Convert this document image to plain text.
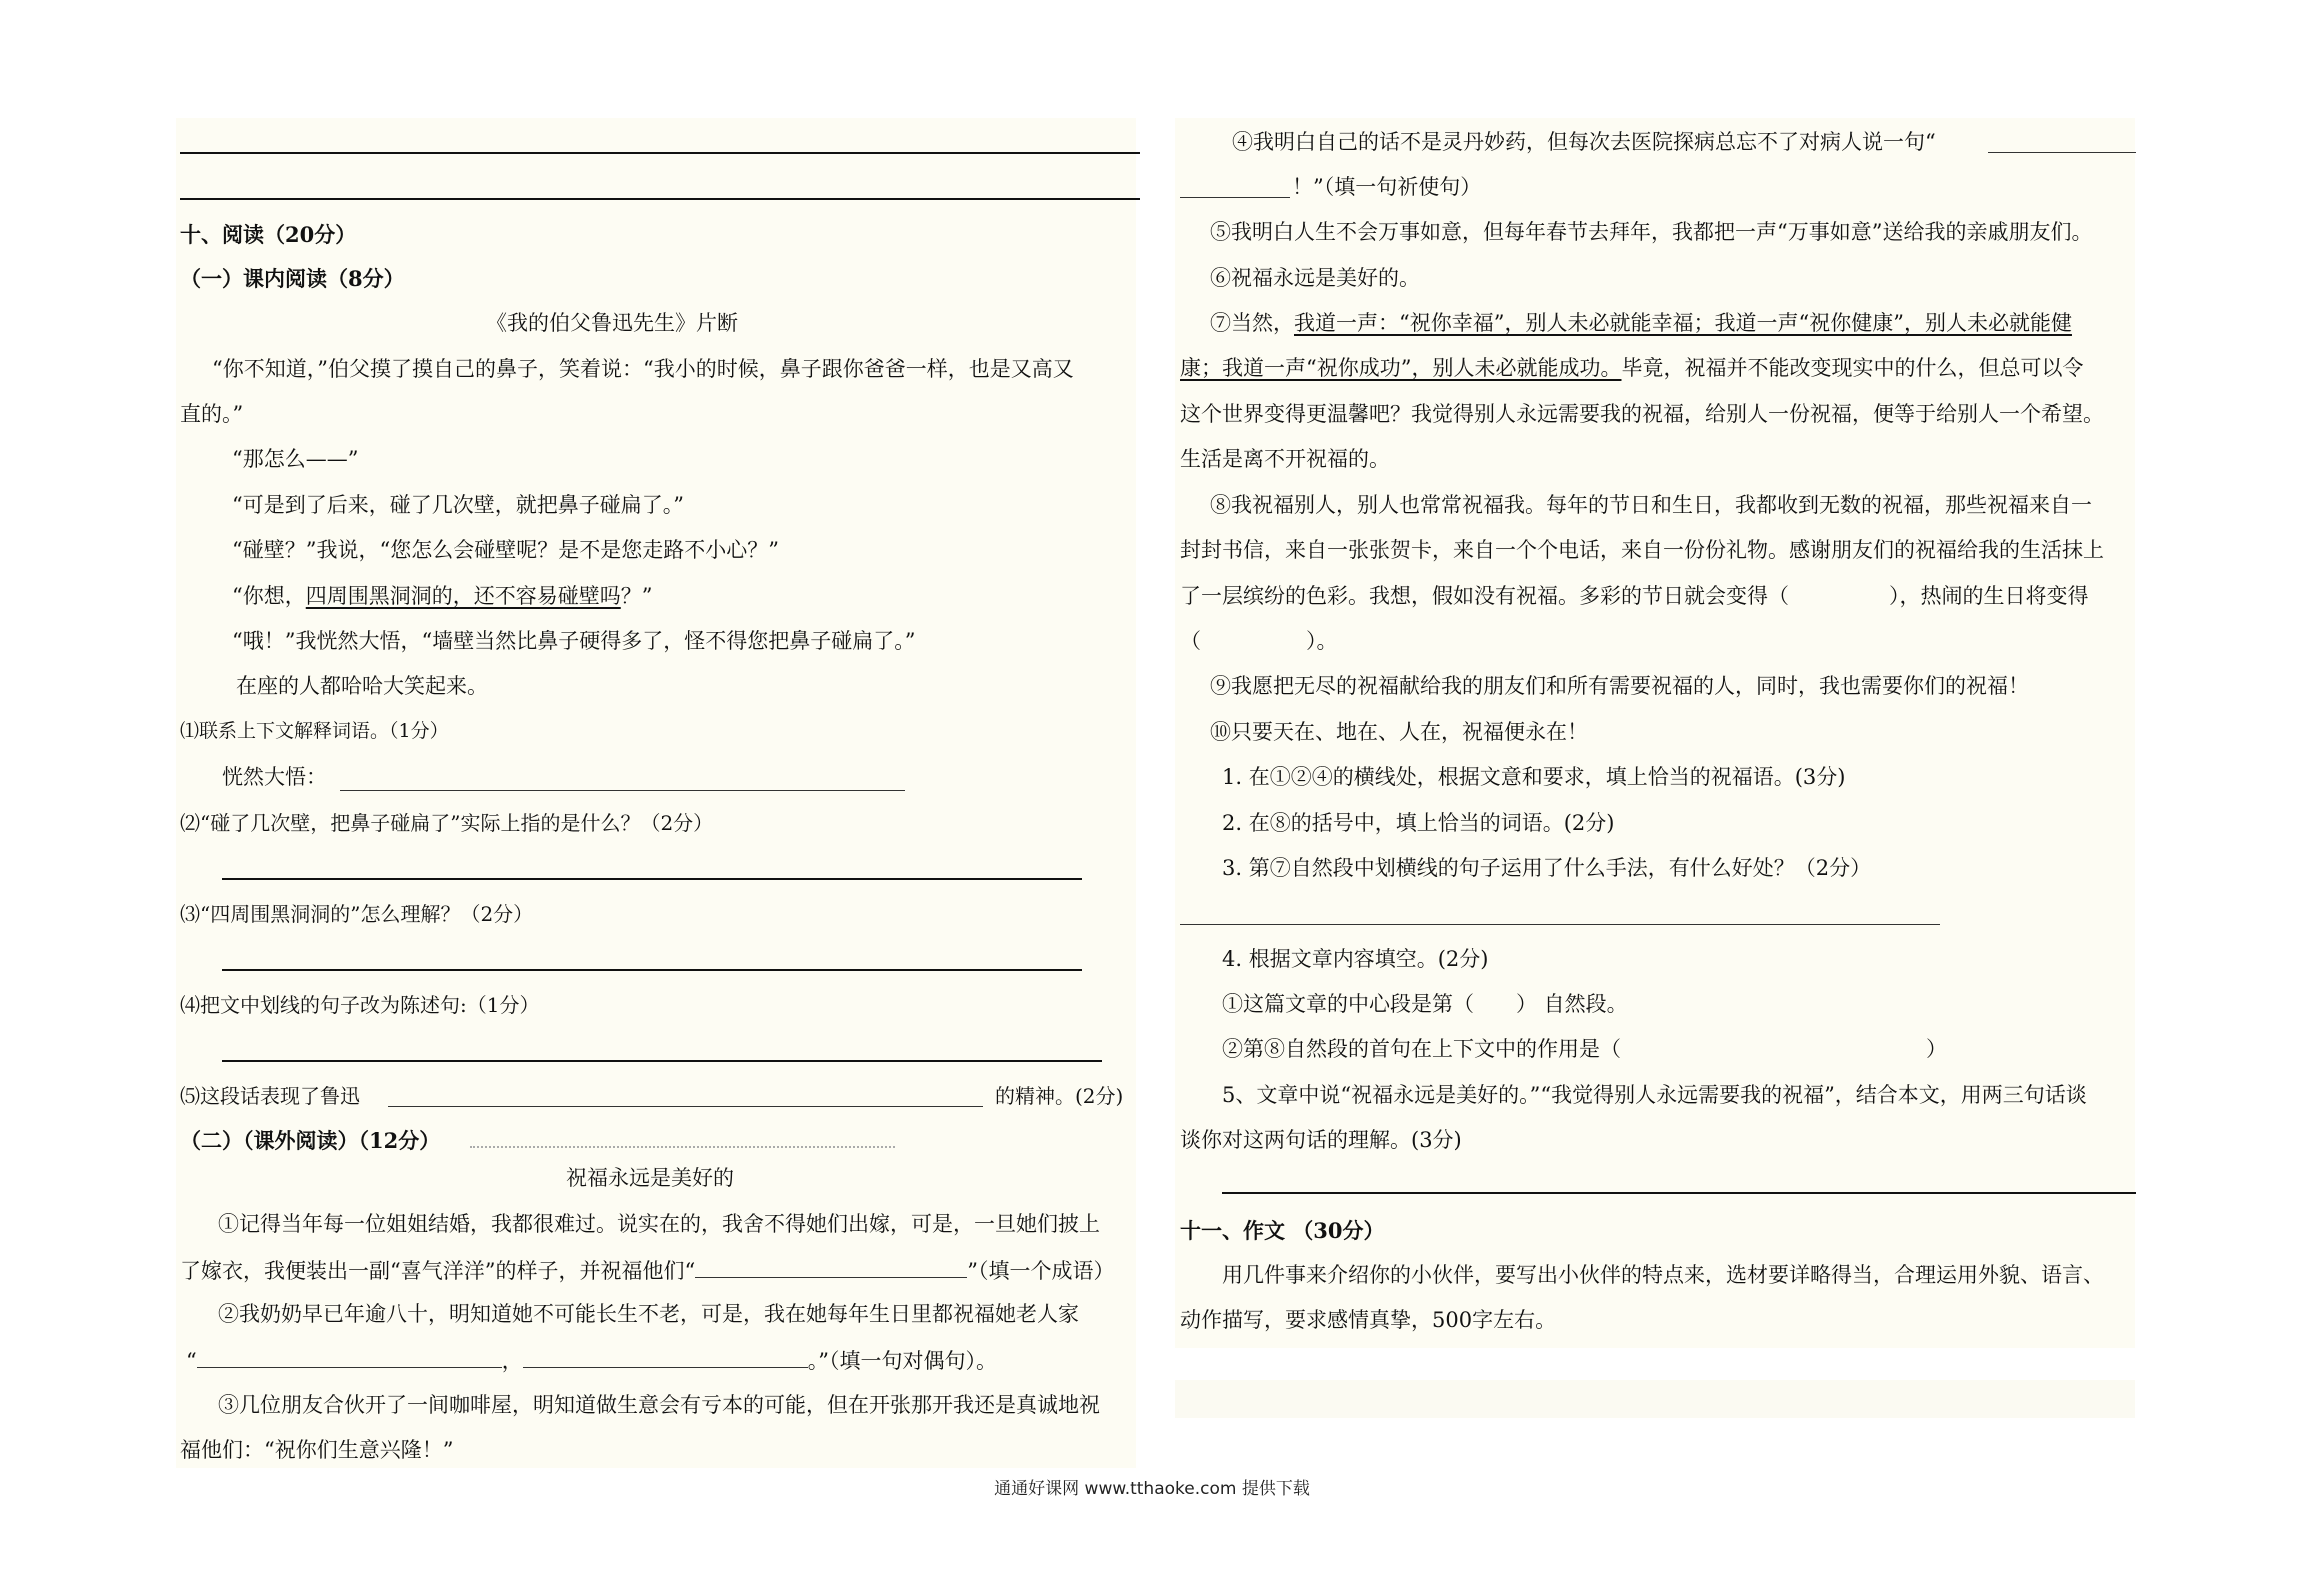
十、阅读（20分）
（一）课内阅读（8分）
《我的伯父鲁迅先生》片断
“你不知道，”伯父摸了摸自己的鼻子，笑着说：“我小的时候，鼻子跟你爸爸一样，也是又高又
直的。”
“那怎么——”
“可是到了后来，碰了几次壁，就把鼻子碰扁了。”
“碰壁？”我说，“您怎么会碰壁呢？是不是您走路不小心？”
“你想，四周围黑洞洞的，还不容易碰壁吗？”
“哦！”我恍然大悟，“墙壁当然比鼻子硬得多了，怪不得您把鼻子碰扁了。”
在座的人都哈哈大笑起来。
⑴联系上下文解释词语。（1分）
恍然大悟：
⑵“碰了几次壁，把鼻子碰扁了”实际上指的是什么？（2分）
⑶“四周围黑洞洞的”怎么理解？（2分）
⑷把文中划线的句子改为陈述句:（1分）
⑸这段话表现了鲁迅	的精神。(2分)
（二）（课外阅读）（12分）
祝福永远是美好的
①记得当年每一位姐姐结婚，我都很难过。说实在的，我舍不得她们出嫁，可是，一旦她们披上
了嫁衣，我便装出一副“喜气洋洋”的样子，并祝福他们“	”（填一个成语）
②我奶奶早已年逾八十，明知道她不可能长生不老，可是，我在她每年生日里都祝福她老人家
“	，	。”（填一句对偶句）。
③几位朋友合伙开了一间咖啡屋，明知道做生意会有亏本的可能，但在开张那开我还是真诚地祝
福他们：“祝你们生意兴隆！”
④我明白自己的话不是灵丹妙药，但每次去医院探病总忘不了对病人说一句“
！”（填一句祈使句）
⑤我明白人生不会万事如意，但每年春节去拜年，我都把一声“万事如意”送给我的亲戚朋友们。
⑥祝福永远是美好的。
⑦当然，我道一声：“祝你幸福”，别人未必就能幸福；我道一声“祝你健康”，别人未必就能健
康；我道一声“祝你成功”，别人未必就能成功。毕竟，祝福并不能改变现实中的什么，但总可以令
这个世界变得更温馨吧？我觉得别人永远需要我的祝福，给别人一份祝福，便等于给别人一个希望。
生活是离不开祝福的。
⑧我祝福别人，别人也常常祝福我。每年的节日和生日，我都收到无数的祝福，那些祝福来自一
封封书信，来自一张张贺卡，来自一个个电话，来自一份份礼物。感谢朋友们的祝福给我的生活抹上
了一层缤纷的色彩。我想，假如没有祝福。多彩的节日就会变得（	），热闹的生日将变得
（　　　　　）。
⑨我愿把无尽的祝福献给我的朋友们和所有需要祝福的人，同时，我也需要你们的祝福！
⑩只要天在、地在、人在，祝福便永在！
1. 在①②④的横线处，根据文意和要求，填上恰当的祝福语。(3分)
2. 在⑧的括号中，填上恰当的词语。(2分)
3. 第⑦自然段中划横线的句子运用了什么手法，有什么好处？（2分）
4. 根据文章内容填空。(2分)
①这篇文章的中心段是第（　　） 自然段。
②第⑧自然段的首句在上下文中的作用是（	）
5、文章中说“祝福永远是美好的。”“我觉得别人永远需要我的祝福”，结合本文，用两三句话谈
谈你对这两句话的理解。(3分)
十一、作文 （30分）
用几件事来介绍你的小伙伴，要写出小伙伴的特点来，选材要详略得当，合理运用外貌、语言、
动作描写，要求感情真挚，500字左右。
通通好课网 www.tthaoke.com 提供下载
